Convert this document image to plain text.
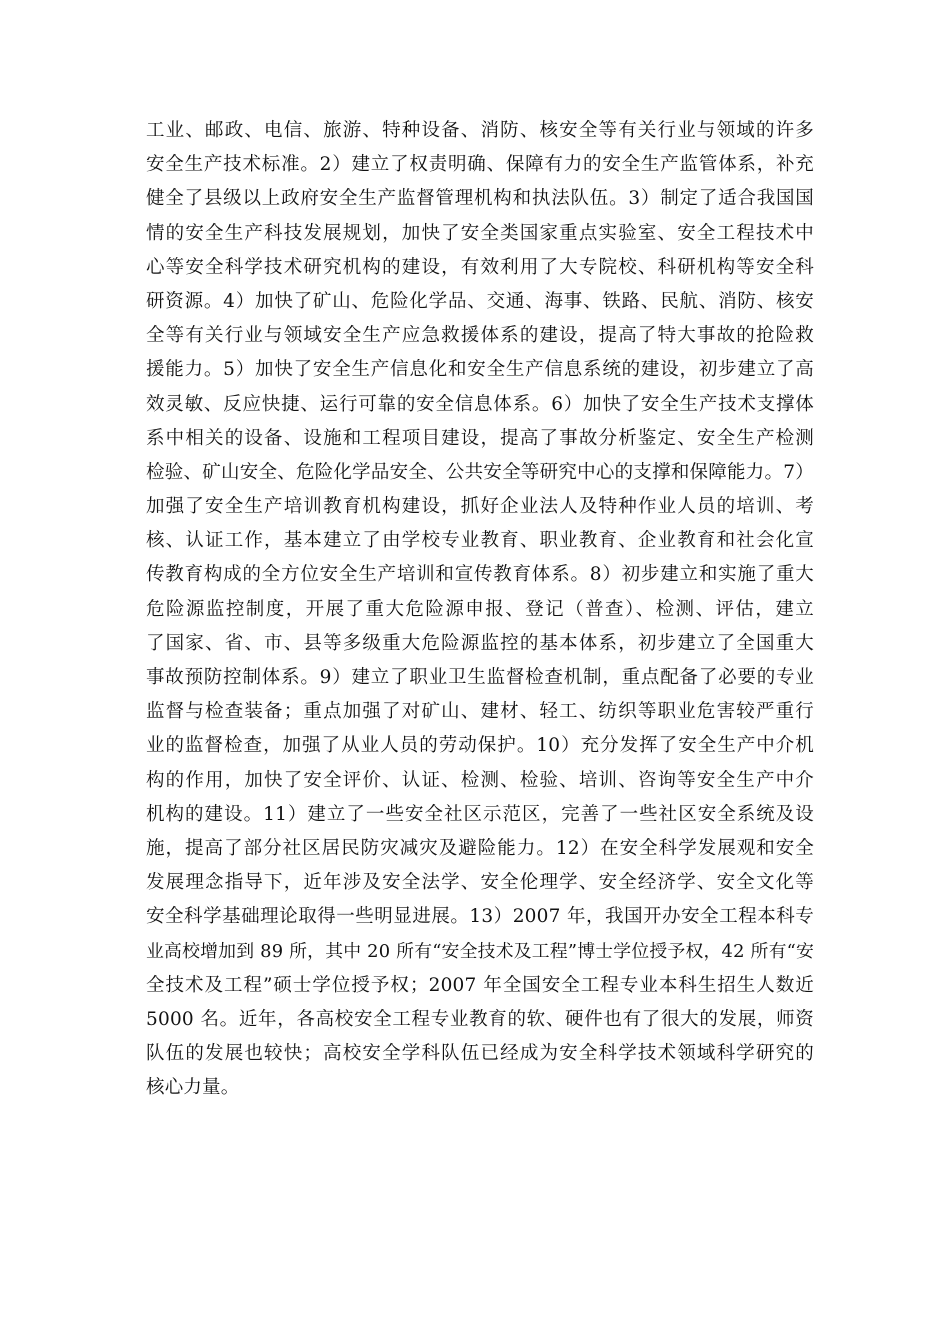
工业、邮政、电信、旅游、特种设备、消防、核安全等有关行业与领域的许多
安全生产技术标准。2）建立了权责明确、保障有力的安全生产监管体系，补充
健全了县级以上政府安全生产监督管理机构和执法队伍。3）制定了适合我国国
情的安全生产科技发展规划，加快了安全类国家重点实验室、安全工程技术中
心等安全科学技术研究机构的建设，有效利用了大专院校、科研机构等安全科
研资源。4）加快了矿山、危险化学品、交通、海事、铁路、民航、消防、核安
全等有关行业与领域安全生产应急救援体系的建设，提高了特大事故的抢险救
援能力。5）加快了安全生产信息化和安全生产信息系统的建设，初步建立了高
效灵敏、反应快捷、运行可靠的安全信息体系。6）加快了安全生产技术支撑体
系中相关的设备、设施和工程项目建设，提高了事故分析鉴定、安全生产检测
检验、矿山安全、危险化学品安全、公共安全等研究中心的支撑和保障能力。7）
加强了安全生产培训教育机构建设，抓好企业法人及特种作业人员的培训、考
核、认证工作，基本建立了由学校专业教育、职业教育、企业教育和社会化宣
传教育构成的全方位安全生产培训和宣传教育体系。8）初步建立和实施了重大
危险源监控制度，开展了重大危险源申报、登记（普查）、检测、评估，建立
了国家、省、市、县等多级重大危险源监控的基本体系，初步建立了全国重大
事故预防控制体系。9）建立了职业卫生监督检查机制，重点配备了必要的专业
监督与检查装备；重点加强了对矿山、建材、轻工、纺织等职业危害较严重行
业的监督检查，加强了从业人员的劳动保护。10）充分发挥了安全生产中介机
构的作用，加快了安全评价、认证、检测、检验、培训、咨询等安全生产中介
机构的建设。11）建立了一些安全社区示范区，完善了一些社区安全系统及设
施，提高了部分社区居民防灾减灾及避险能力。12）在安全科学发展观和安全
发展理念指导下，近年涉及安全法学、安全伦理学、安全经济学、安全文化等
安全科学基础理论取得一些明显进展。13）2007 年，我国开办安全工程本科专
业高校增加到 89 所，其中 20 所有“安全技术及工程”博士学位授予权，42 所有“安
全技术及工程”硕士学位授予权；2007 年全国安全工程专业本科生招生人数近
5000 名。近年，各高校安全工程专业教育的软、硬件也有了很大的发展，师资
队伍的发展也较快；高校安全学科队伍已经成为安全科学技术领域科学研究的
核心力量。
